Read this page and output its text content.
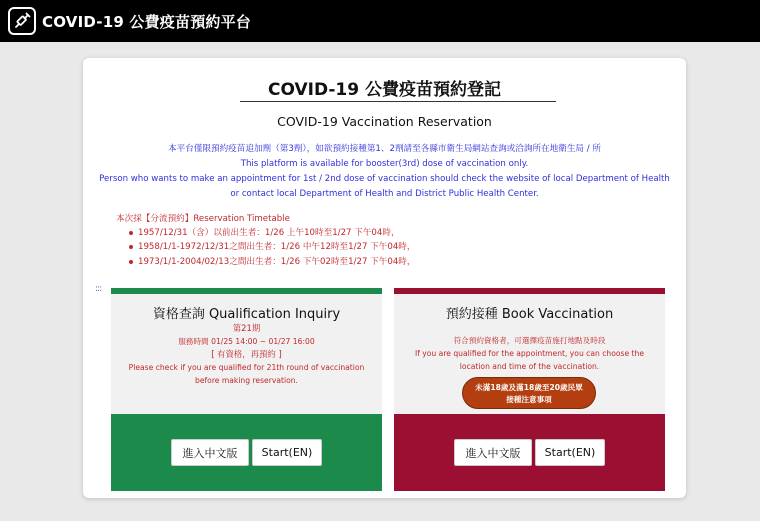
COVID-19 公費疫苗預約平台
COVID-19 公費疫苗預約登記
COVID-19 Vaccination Reservation
本平台僅限預約疫苗追加劑（第3劑），如欲預約接種第1、2劑請至各縣市衛生局網站查詢或洽詢所在地衛生局 / 所
This platform is available for booster(3rd) dose of vaccination only.
Person who wants to make an appointment for 1st / 2nd dose of vaccination should check the website of local Department of Health or contact local Department of Health and District Public Health Center.
本次採【分流預約】Reservation Timetable
1957/12/31（含）以前出生者：1/26 上午10時至1/27 下午04時，
1958/1/1-1972/12/31之間出生者：1/26 中午12時至1/27 下午04時，
1973/1/1-2004/02/13之間出生者：1/26 下午02時至1/27 下午04時，
:::
資格查詢 Qualification Inquiry
第21期
服務時間 01/25 14:00 ~ 01/27 16:00
[ 有資格，再預約 ]
Please check if you are qualified for 21th round of vaccination before making reservation.
進入中文版	Start(EN)
預約接種 Book Vaccination
符合預約資格者，可選擇疫苗施打地點及時段
If you are qualified for the appointment, you can choose the location and time of the vaccination.
未滿18歲及滿18歲至20歲民眾
接種注意事項
進入中文版	Start(EN)
